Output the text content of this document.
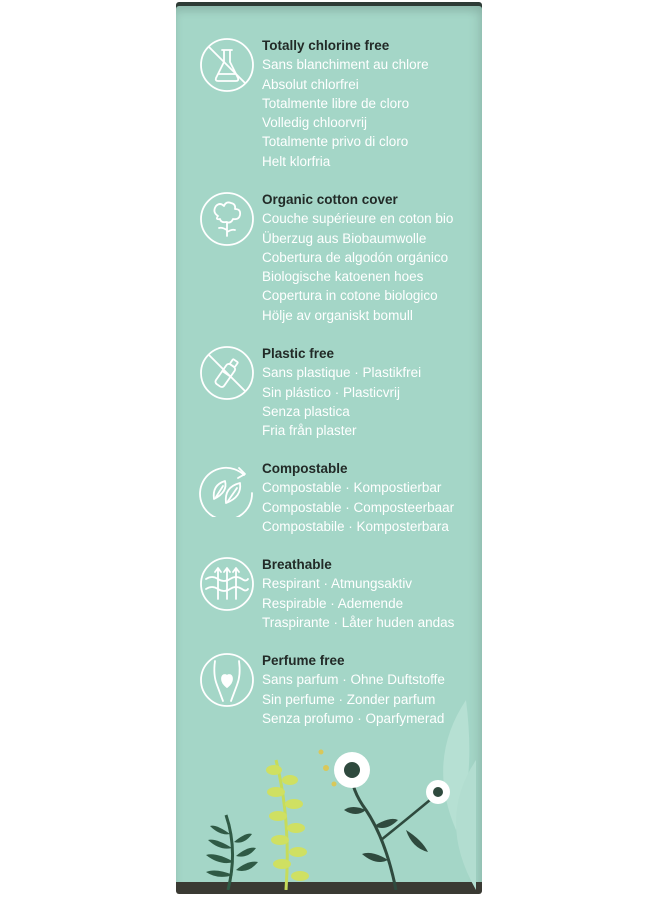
Totally chlorine free
Sans blanchiment au chlore
Absolut chlorfrei
Totalmente libre de cloro
Volledig chloorvrij
Totalmente privo di cloro
Helt klorfria
Organic cotton cover
Couche supérieure en coton bio
Überzug aus Biobaumwolle
Cobertura de algodón orgánico
Biologische katoenen hoes
Copertura in cotone biologico
Hölje av organiskt bomull
Plastic free
Sans plastique · Plastikfrei
Sin plástico · Plasticvrij
Senza plastica
Fria från plaster
Compostable
Compostable · Kompostierbar
Compostable · Composteerbaar
Compostabile · Komposterbara
Breathable
Respirant · Atmungsaktiv
Respirable · Ademende
Traspirante · Låter huden andas
Perfume free
Sans parfum · Ohne Duftstoffe
Sin perfume · Zonder parfum
Senza profumo · Oparfymerad
